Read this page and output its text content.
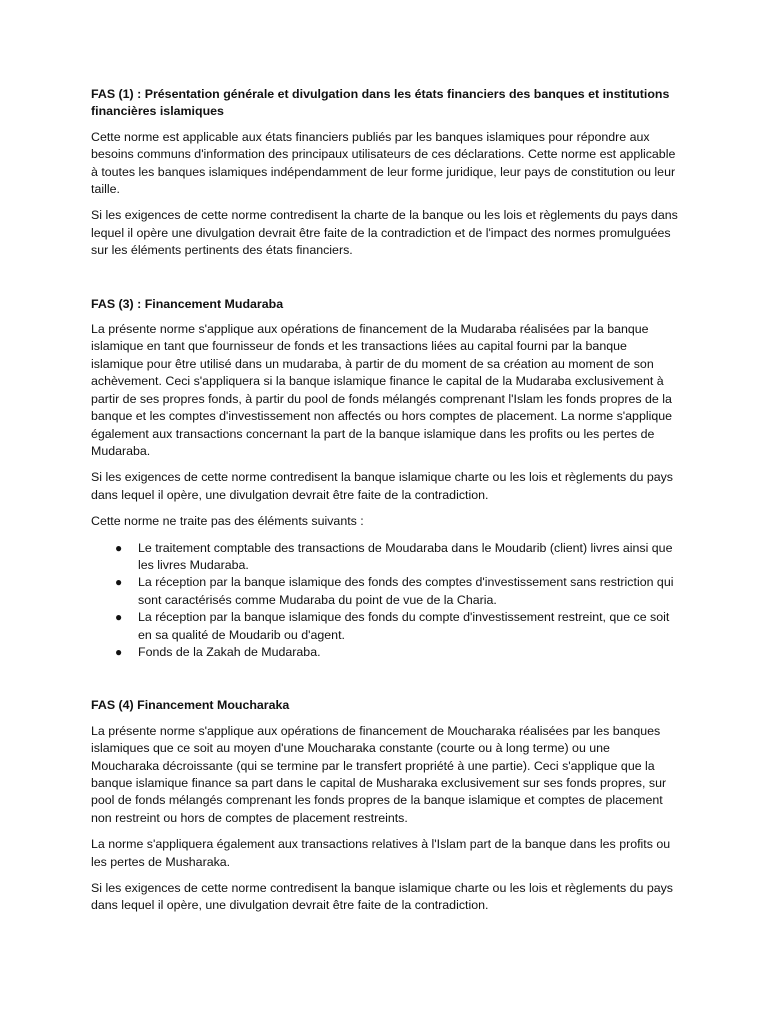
FAS (1) : Présentation générale et divulgation dans les états financiers des banques et institutions financières islamiques

Cette norme est applicable aux états financiers publiés par les banques islamiques pour répondre aux besoins communs d'information des principaux utilisateurs de ces déclarations. Cette norme est applicable à toutes les banques islamiques indépendamment de leur forme juridique, leur pays de constitution ou leur taille.

Si les exigences de cette norme contredisent la charte de la banque ou les lois et règlements du pays dans lequel il opère une divulgation devrait être faite de la contradiction et de l'impact des normes promulguées sur les éléments pertinents des états financiers.

FAS (3) : Financement Mudaraba

La présente norme s'applique aux opérations de financement de la Mudaraba réalisées par la banque islamique en tant que fournisseur de fonds et les transactions liées au capital fourni par la banque islamique pour être utilisé dans un mudaraba, à partir de du moment de sa création au moment de son achèvement. Ceci s'appliquera si la banque islamique finance le capital de la Mudaraba exclusivement à partir de ses propres fonds, à partir du pool de fonds mélangés comprenant l'Islam les fonds propres de la banque et les comptes d'investissement non affectés ou hors comptes de placement. La norme s'applique également aux transactions concernant la part de la banque islamique dans les profits ou les pertes de Mudaraba.

Si les exigences de cette norme contredisent la banque islamique charte ou les lois et règlements du pays dans lequel il opère, une divulgation devrait être faite de la contradiction.

Cette norme ne traite pas des éléments suivants :

● Le traitement comptable des transactions de Moudaraba dans le Moudarib (client) livres ainsi que les livres Mudaraba.
● La réception par la banque islamique des fonds des comptes d'investissement sans restriction qui sont caractérisés comme Mudaraba du point de vue de la Charia.
● La réception par la banque islamique des fonds du compte d'investissement restreint, que ce soit en sa qualité de Moudarib ou d'agent.
● Fonds de la Zakah de Mudaraba.
FAS (4) Financement Moucharaka

La présente norme s'applique aux opérations de financement de Moucharaka réalisées par les banques islamiques que ce soit au moyen d'une Moucharaka constante (courte ou à long terme) ou une Moucharaka décroissante (qui se termine par le transfert propriété à une partie). Ceci s'applique que la banque islamique finance sa part dans le capital de Musharaka exclusivement sur ses fonds propres, sur pool de fonds mélangés comprenant les fonds propres de la banque islamique et comptes de placement non restreint ou hors de comptes de placement restreints.

La norme s'appliquera également aux transactions relatives à l'Islam part de la banque dans les profits ou les pertes de Musharaka.

Si les exigences de cette norme contredisent la banque islamique charte ou les lois et règlements du pays dans lequel il opère, une divulgation devrait être faite de la contradiction.
